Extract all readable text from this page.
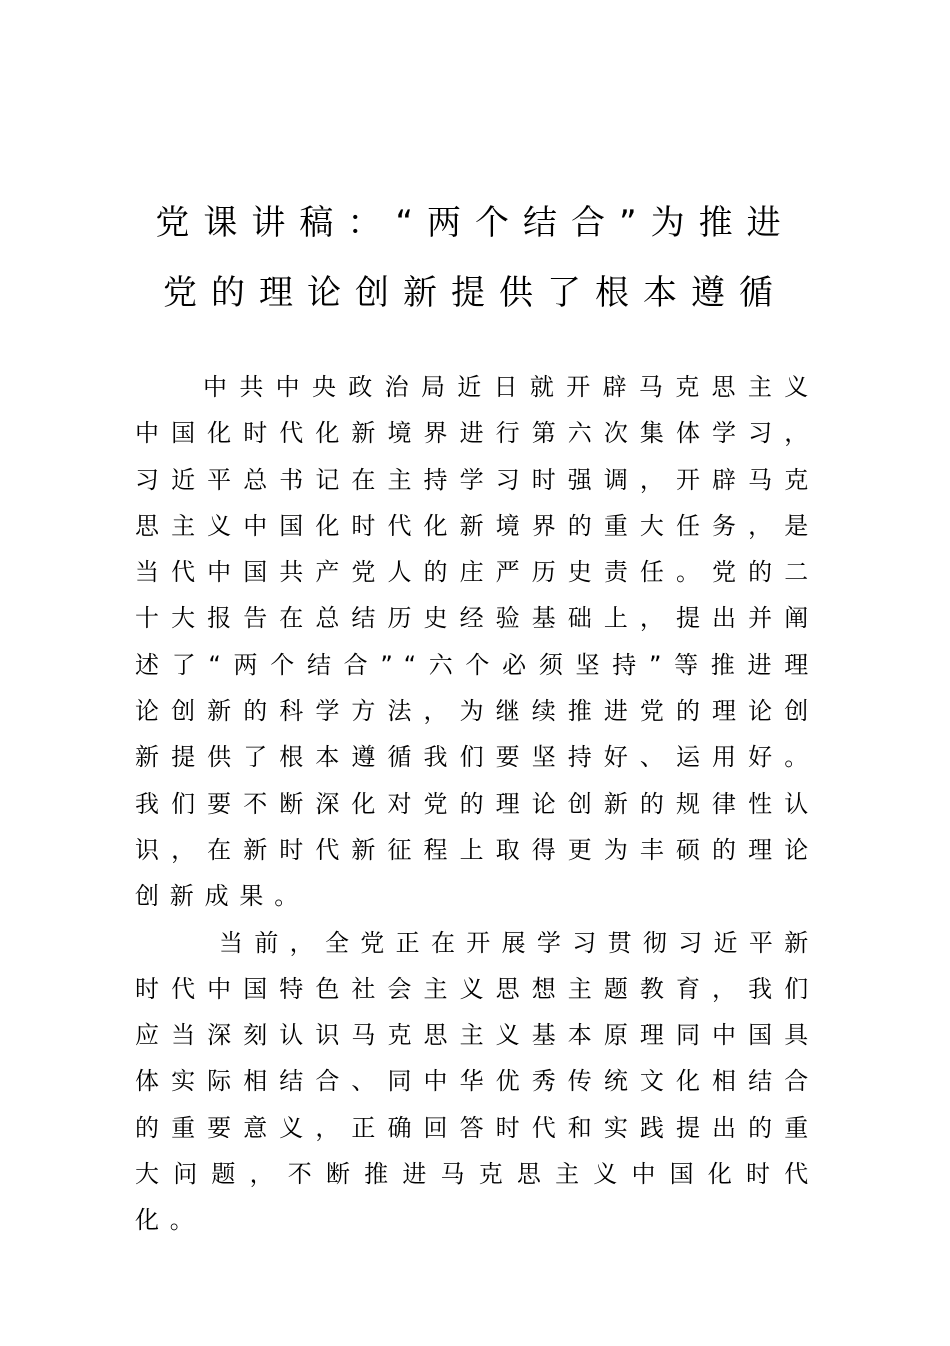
党课讲稿：“两个结合”为推进
党的理论创新提供了根本遵循

中共中央政治局近日就开辟马克思主义中国化时代化新境界进行第六次集体学习，习近平总书记在主持学习时强调，开辟马克思主义中国化时代化新境界的重大任务，是当代中国共产党人的庄严历史责任。党的二十大报告在总结历史经验基础上，提出并阐述了“两个结合”“六个必须坚持”等推进理论创新的科学方法，为继续推进党的理论创新提供了根本遵循我们要坚持好、运用好。我们要不断深化对党的理论创新的规律性认识，在新时代新征程上取得更为丰硕的理论创新成果。

当前，全党正在开展学习贯彻习近平新时代中国特色社会主义思想主题教育，我们应当深刻认识马克思主义基本原理同中国具体实际相结合、同中华优秀传统文化相结合的重要意义，正确回答时代和实践提出的重大问题，不断推进马克思主义中国化时代化。
